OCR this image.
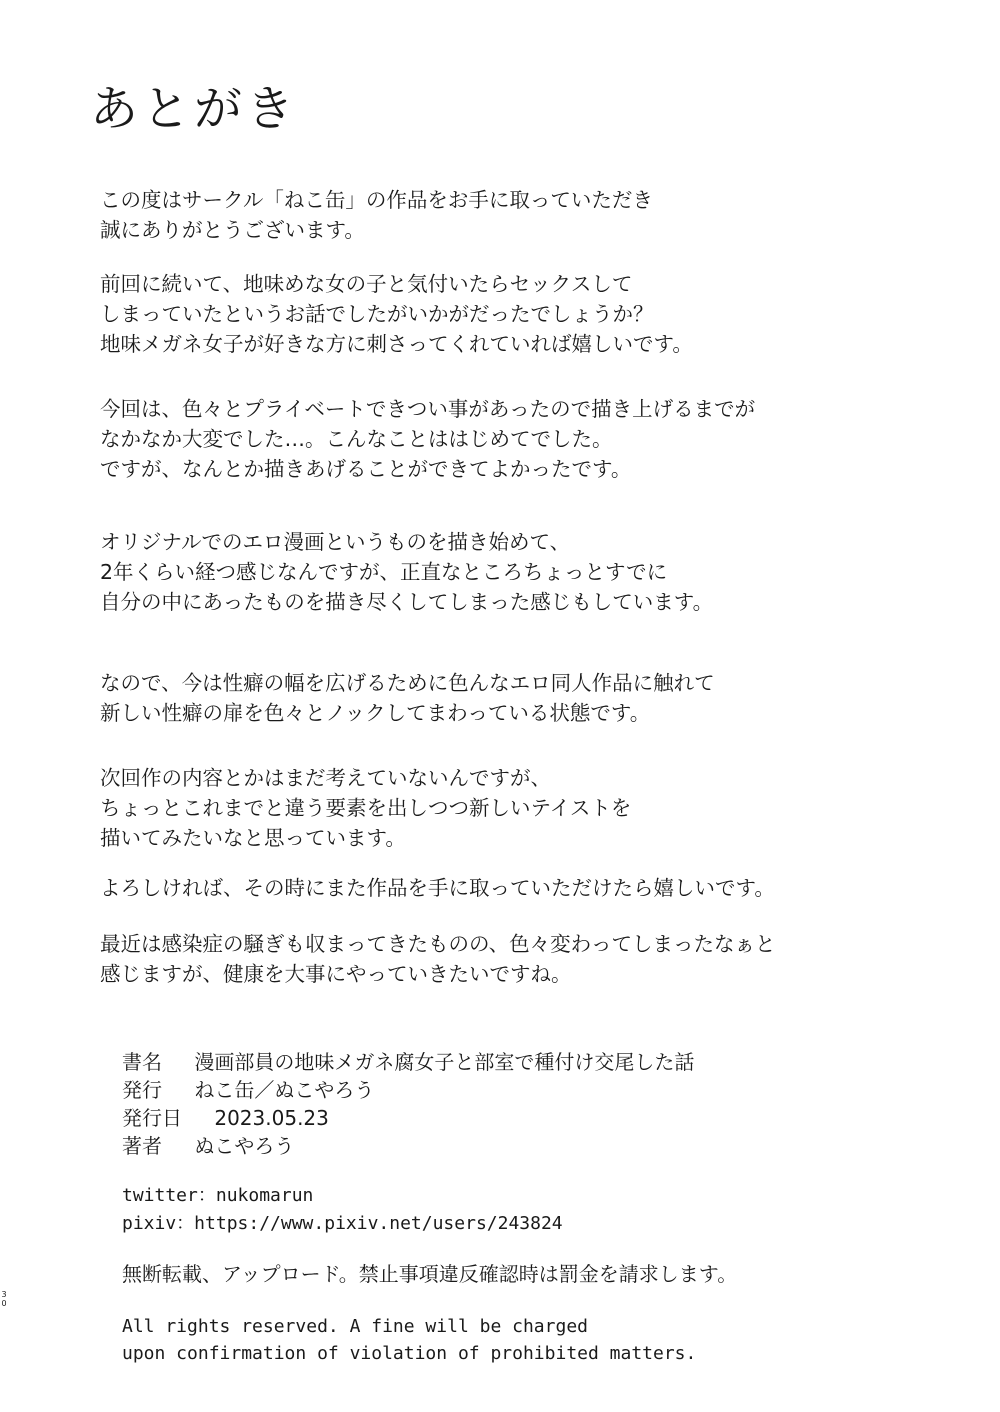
あとがき
この度はサークル「ねこ缶」の作品をお手に取っていただき
誠にありがとうございます。
前回に続いて、地味めな女の子と気付いたらセックスして
しまっていたというお話でしたがいかがだったでしょうか？
地味メガネ女子が好きな方に刺さってくれていれば嬉しいです。
今回は、色々とプライベートできつい事があったので描き上げるまでが
なかなか大変でした…。こんなことははじめてでした。
ですが、なんとか描きあげることができてよかったです。
オリジナルでのエロ漫画というものを描き始めて、
2年くらい経つ感じなんですが、正直なところちょっとすでに
自分の中にあったものを描き尽くしてしまった感じもしています。
なので、今は性癖の幅を広げるために色んなエロ同人作品に触れて
新しい性癖の扉を色々とノックしてまわっている状態です。
次回作の内容とかはまだ考えていないんですが、
ちょっとこれまでと違う要素を出しつつ新しいテイストを
描いてみたいなと思っています。
よろしければ、その時にまた作品を手に取っていただけたら嬉しいです。
最近は感染症の騒ぎも収まってきたものの、色々変わってしまったなぁと
感じますが、健康を大事にやっていきたいですね。
書名 漫画部員の地味メガネ腐女子と部室で種付け交尾した話
発行 ねこ缶／ぬこやろう
発行日 2023.05.23
著者 ぬこやろう
twitter：nukomarun
pixiv：https://www.pixiv.net/users/243824
無断転載、アップロード。禁止事項違反確認時は罰金を請求します。
All rights reserved. A fine will be charged
upon confirmation of violation of prohibited matters.
3
0
